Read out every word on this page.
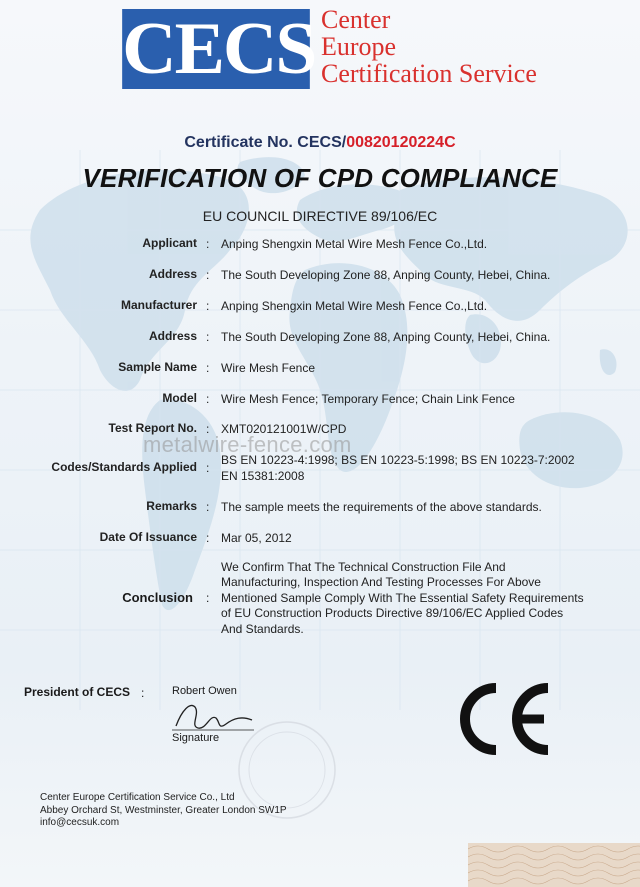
CECS Center
Europe
Certification Service
Certificate No. CECS/00820120224C
VERIFICATION OF CPD COMPLIANCE
EU COUNCIL DIRECTIVE 89/106/EC
Applicant : Anping Shengxin Metal Wire Mesh Fence Co.,Ltd.
Address : The South Developing Zone 88, Anping County, Hebei, China.
Manufacturer : Anping Shengxin Metal Wire Mesh Fence Co.,Ltd.
Address : The South Developing Zone 88, Anping County, Hebei, China.
Sample Name : Wire Mesh Fence
Model : Wire Mesh Fence; Temporary Fence; Chain Link Fence
Test Report No. : XMT020121001W/CPD
Codes/Standards Applied :
BS EN 10223-4:1998; BS EN 10223-5:1998; BS EN 10223-7:2002
EN 15381:2008
Remarks : The sample meets the requirements of the above standards.
Date Of Issuance : Mar 05, 2012
Conclusion :
We Confirm That The Technical Construction File And
Manufacturing, Inspection And Testing Processes For Above
Mentioned Sample Comply With The Essential Safety Requirements
of EU Construction Products Directive 89/106/EC Applied Codes
And Standards.
metalwire-fence.com
President of CECS :	Robert Owen
Signature
Center Europe Certification Service Co., Ltd
Abbey Orchard St, Westminster, Greater London SW1P
info@cecsuk.com
